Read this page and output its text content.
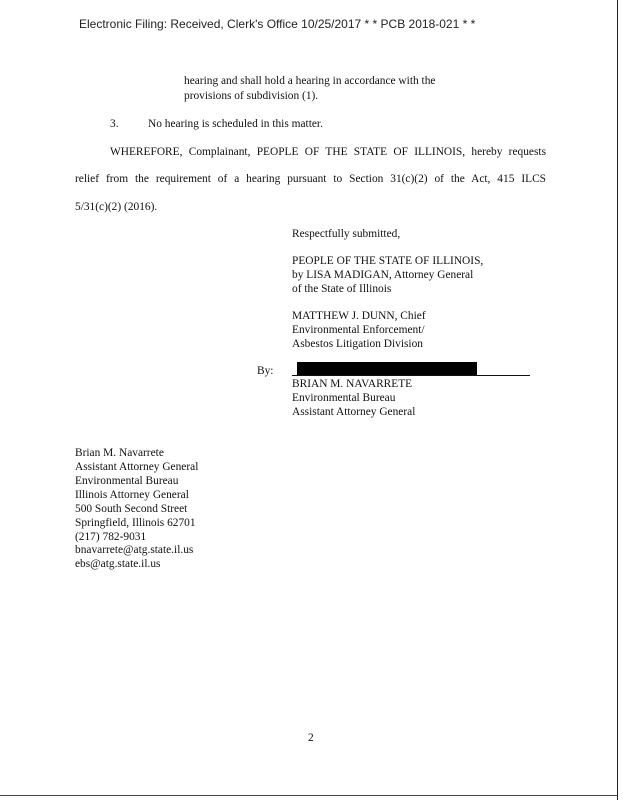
Electronic Filing: Received, Clerk's Office 10/25/2017 * * PCB 2018-021 * *
hearing and shall hold a hearing in accordance with the
provisions of subdivision (1).
3.	No hearing is scheduled in this matter.
WHEREFORE, Complainant, PEOPLE OF THE STATE OF ILLINOIS, hereby requests
relief from the requirement of a hearing pursuant to Section 31(c)(2) of the Act, 415 ILCS
5/31(c)(2) (2016).
Respectfully submitted,
PEOPLE OF THE STATE OF ILLINOIS,
by LISA MADIGAN, Attorney General
of the State of Illinois
MATTHEW J. DUNN, Chief
Environmental Enforcement/
Asbestos Litigation Division
By:
BRIAN M. NAVARRETE
Environmental Bureau
Assistant Attorney General
Brian M. Navarrete
Assistant Attorney General
Environmental Bureau
Illinois Attorney General
500 South Second Street
Springfield, Illinois 62701
(217) 782-9031
bnavarrete@atg.state.il.us
ebs@atg.state.il.us
2
